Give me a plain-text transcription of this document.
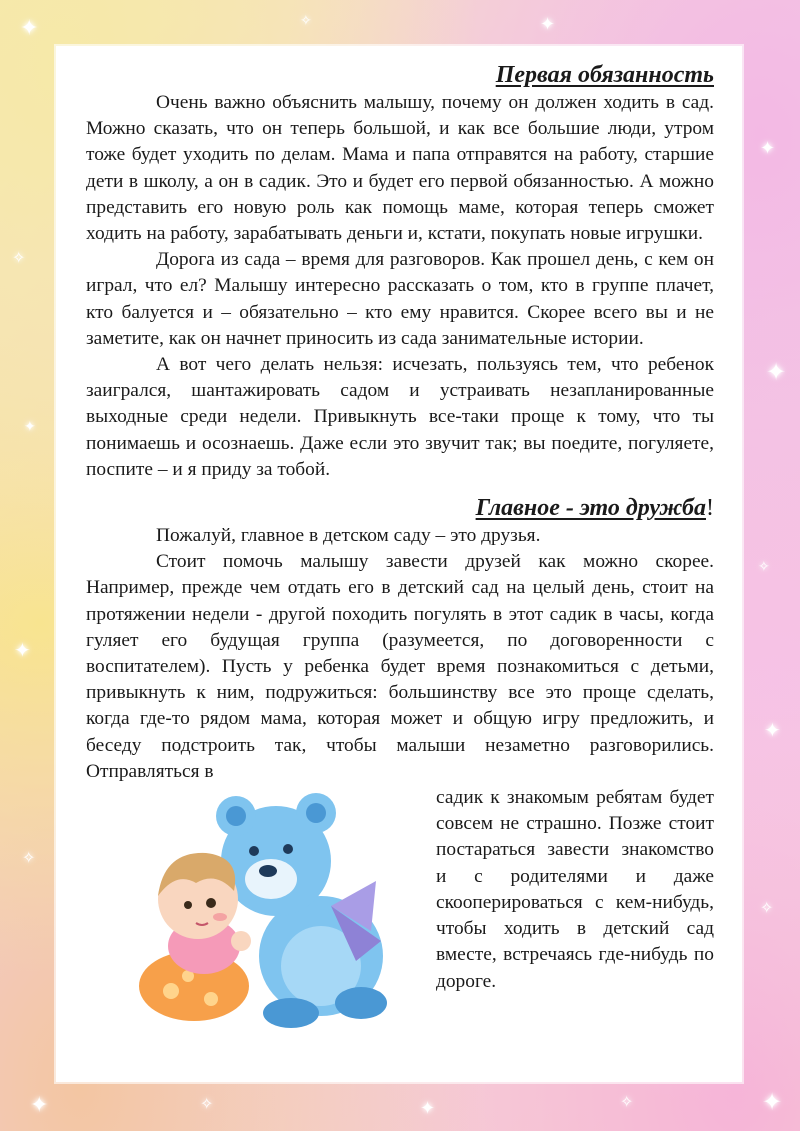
✦
✧
✦
✦
✧
✦	✧	✦	✧	✦
✦
✦
✧
✦
✧
✧	✦
Первая обязанность

Очень важно объяснить малышу, почему он должен ходить в сад. Можно сказать, что он теперь большой, и как все большие люди, утром тоже будет уходить по делам. Мама и папа отправятся на работу, старшие дети в школу, а он в садик. Это и будет его первой обязанностью. А можно представить его новую роль как помощь маме, которая теперь сможет ходить на работу, зарабатывать деньги и, кстати, покупать новые игрушки.

Дорога из сада – время для разговоров. Как прошел день, с кем он играл, что ел? Малышу интересно рассказать о том, кто в группе плачет, кто балуется и – обязательно – кто ему нравится. Скорее всего вы и не заметите, как он начнет приносить из сада занимательные истории.

А вот чего делать нельзя: исчезать, пользуясь тем, что ребенок заигрался, шантажировать садом и устраивать незапланированные выходные среди недели. Привыкнуть все-таки проще к тому, что ты понимаешь и осознаешь. Даже если это звучит так; вы поедите, погуляете, поспите – и я приду за тобой.

Главное - это дружба!

Пожалуй, главное в детском саду – это друзья.

Стоит помочь малышу завести друзей как можно скорее. Например, прежде чем отдать его в детский сад на целый день, стоит на протяжении недели - другой походить погулять в этот садик в часы, когда гуляет его будущая группа (разумеется, по договоренности с воспитателем). Пусть у ребенка будет время познакомиться с детьми, привыкнуть к ним, подружиться: большинству все это проще сделать, когда где-то рядом мама, которая может и общую игру предложить, и беседу подстроить так, чтобы малыши незаметно разговорились. Отправляться в

садик к знакомым ребятам будет совсем не страшно. Позже стоит постараться завести знакомство и с родителями и даже скооперироваться с кем-нибудь, чтобы ходить в детский сад вместе, встречаясь где-нибудь по дороге.
